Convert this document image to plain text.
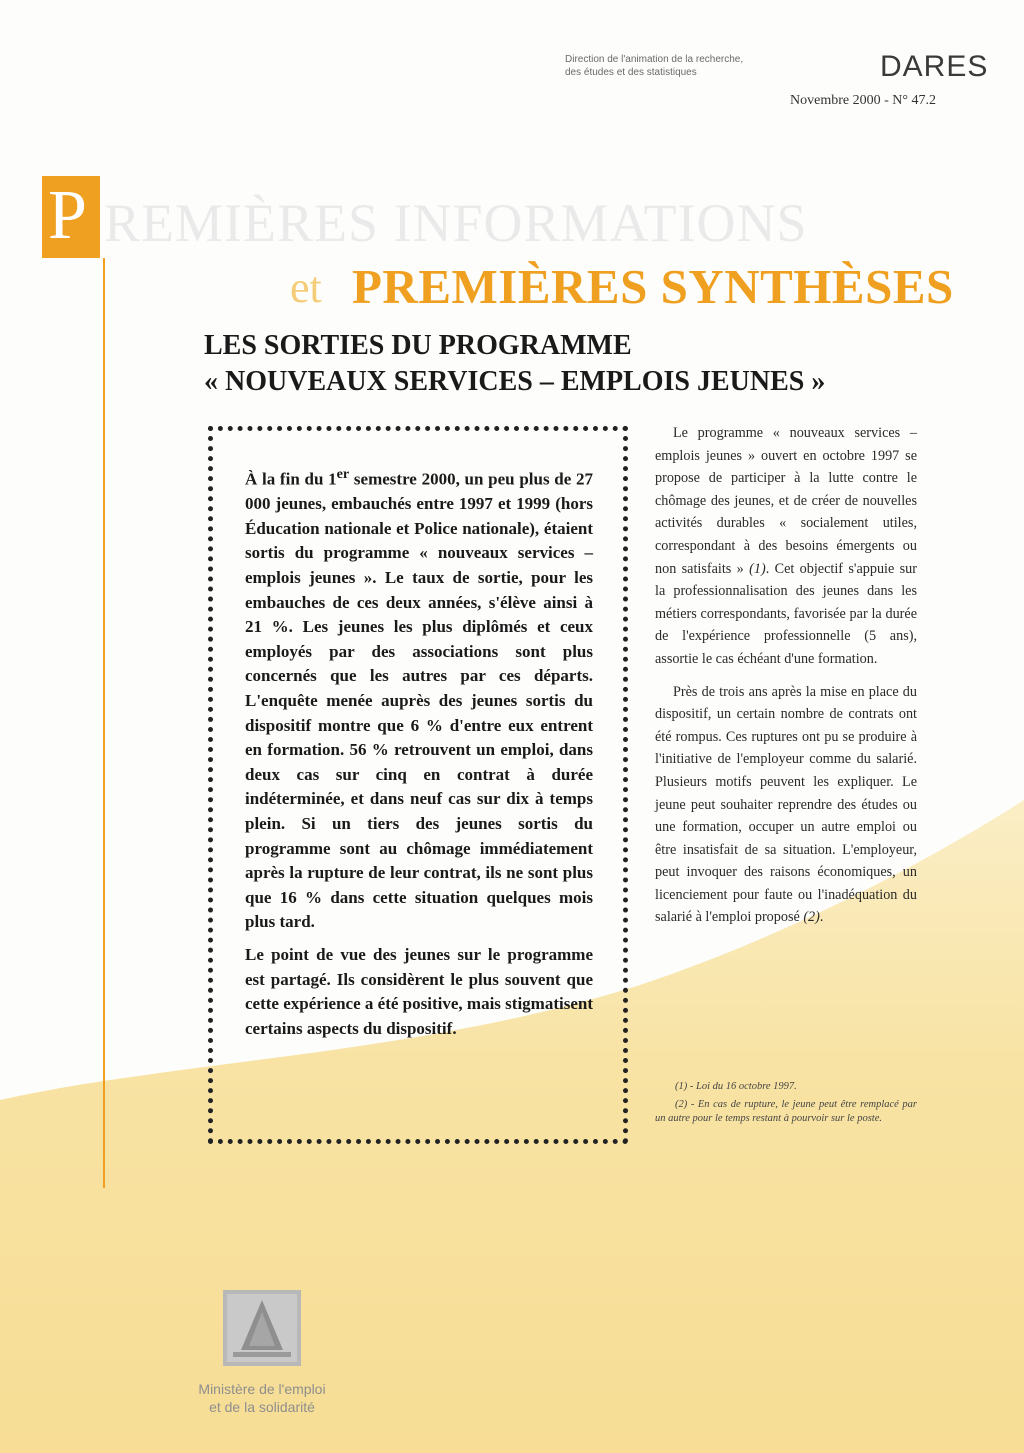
Direction de l'animation de la recherche,
des études et des statistiques	DARES
Novembre 2000 - N° 47.2
P REMIÈRES INFORMATIONS
et PREMIÈRES SYNTHÈSES
LES SORTIES DU PROGRAMME
« NOUVEAUX SERVICES – EMPLOIS JEUNES »

À la fin du 1er semestre 2000, un peu plus de 27 000 jeunes, embauchés entre 1997 et 1999 (hors Éducation nationale et Police nationale), étaient sortis du programme « nouveaux services – emplois jeunes ». Le taux de sortie, pour les embauches de ces deux années, s'élève ainsi à 21 %. Les jeunes les plus diplômés et ceux employés par des associations sont plus concernés que les autres par ces départs. L'enquête menée auprès des jeunes sortis du dispositif montre que 6 % d'entre eux entrent en formation. 56 % retrouvent un emploi, dans deux cas sur cinq en contrat à durée indéterminée, et dans neuf cas sur dix à temps plein. Si un tiers des jeunes sortis du programme sont au chômage immédiatement après la rupture de leur contrat, ils ne sont plus que 16 % dans cette situation quelques mois plus tard.

Le point de vue des jeunes sur le programme est partagé. Ils considèrent le plus souvent que cette expérience a été positive, mais stigmatisent certains aspects du dispositif.

Le programme « nouveaux services – emplois jeunes » ouvert en octobre 1997 se propose de participer à la lutte contre le chômage des jeunes, et de créer de nouvelles activités durables « socialement utiles, correspondant à des besoins émergents ou non satisfaits » (1). Cet objectif s'appuie sur la professionnalisation des jeunes dans les métiers correspondants, favorisée par la durée de l'expérience professionnelle (5 ans), assortie le cas échéant d'une formation.

Près de trois ans après la mise en place du dispositif, un certain nombre de contrats ont été rompus. Ces ruptures ont pu se produire à l'initiative de l'employeur comme du salarié. Plusieurs motifs peuvent les expliquer. Le jeune peut souhaiter reprendre des études ou une formation, occuper un autre emploi ou être insatisfait de sa situation. L'employeur, peut invoquer des raisons économiques, un licenciement pour faute ou l'inadéquation du salarié à l'emploi proposé (2).

(1) - Loi du 16 octobre 1997.

(2) - En cas de rupture, le jeune peut être remplacé par un autre pour le temps restant à pourvoir sur le poste.

Ministère de l'emploi
et de la solidarité
